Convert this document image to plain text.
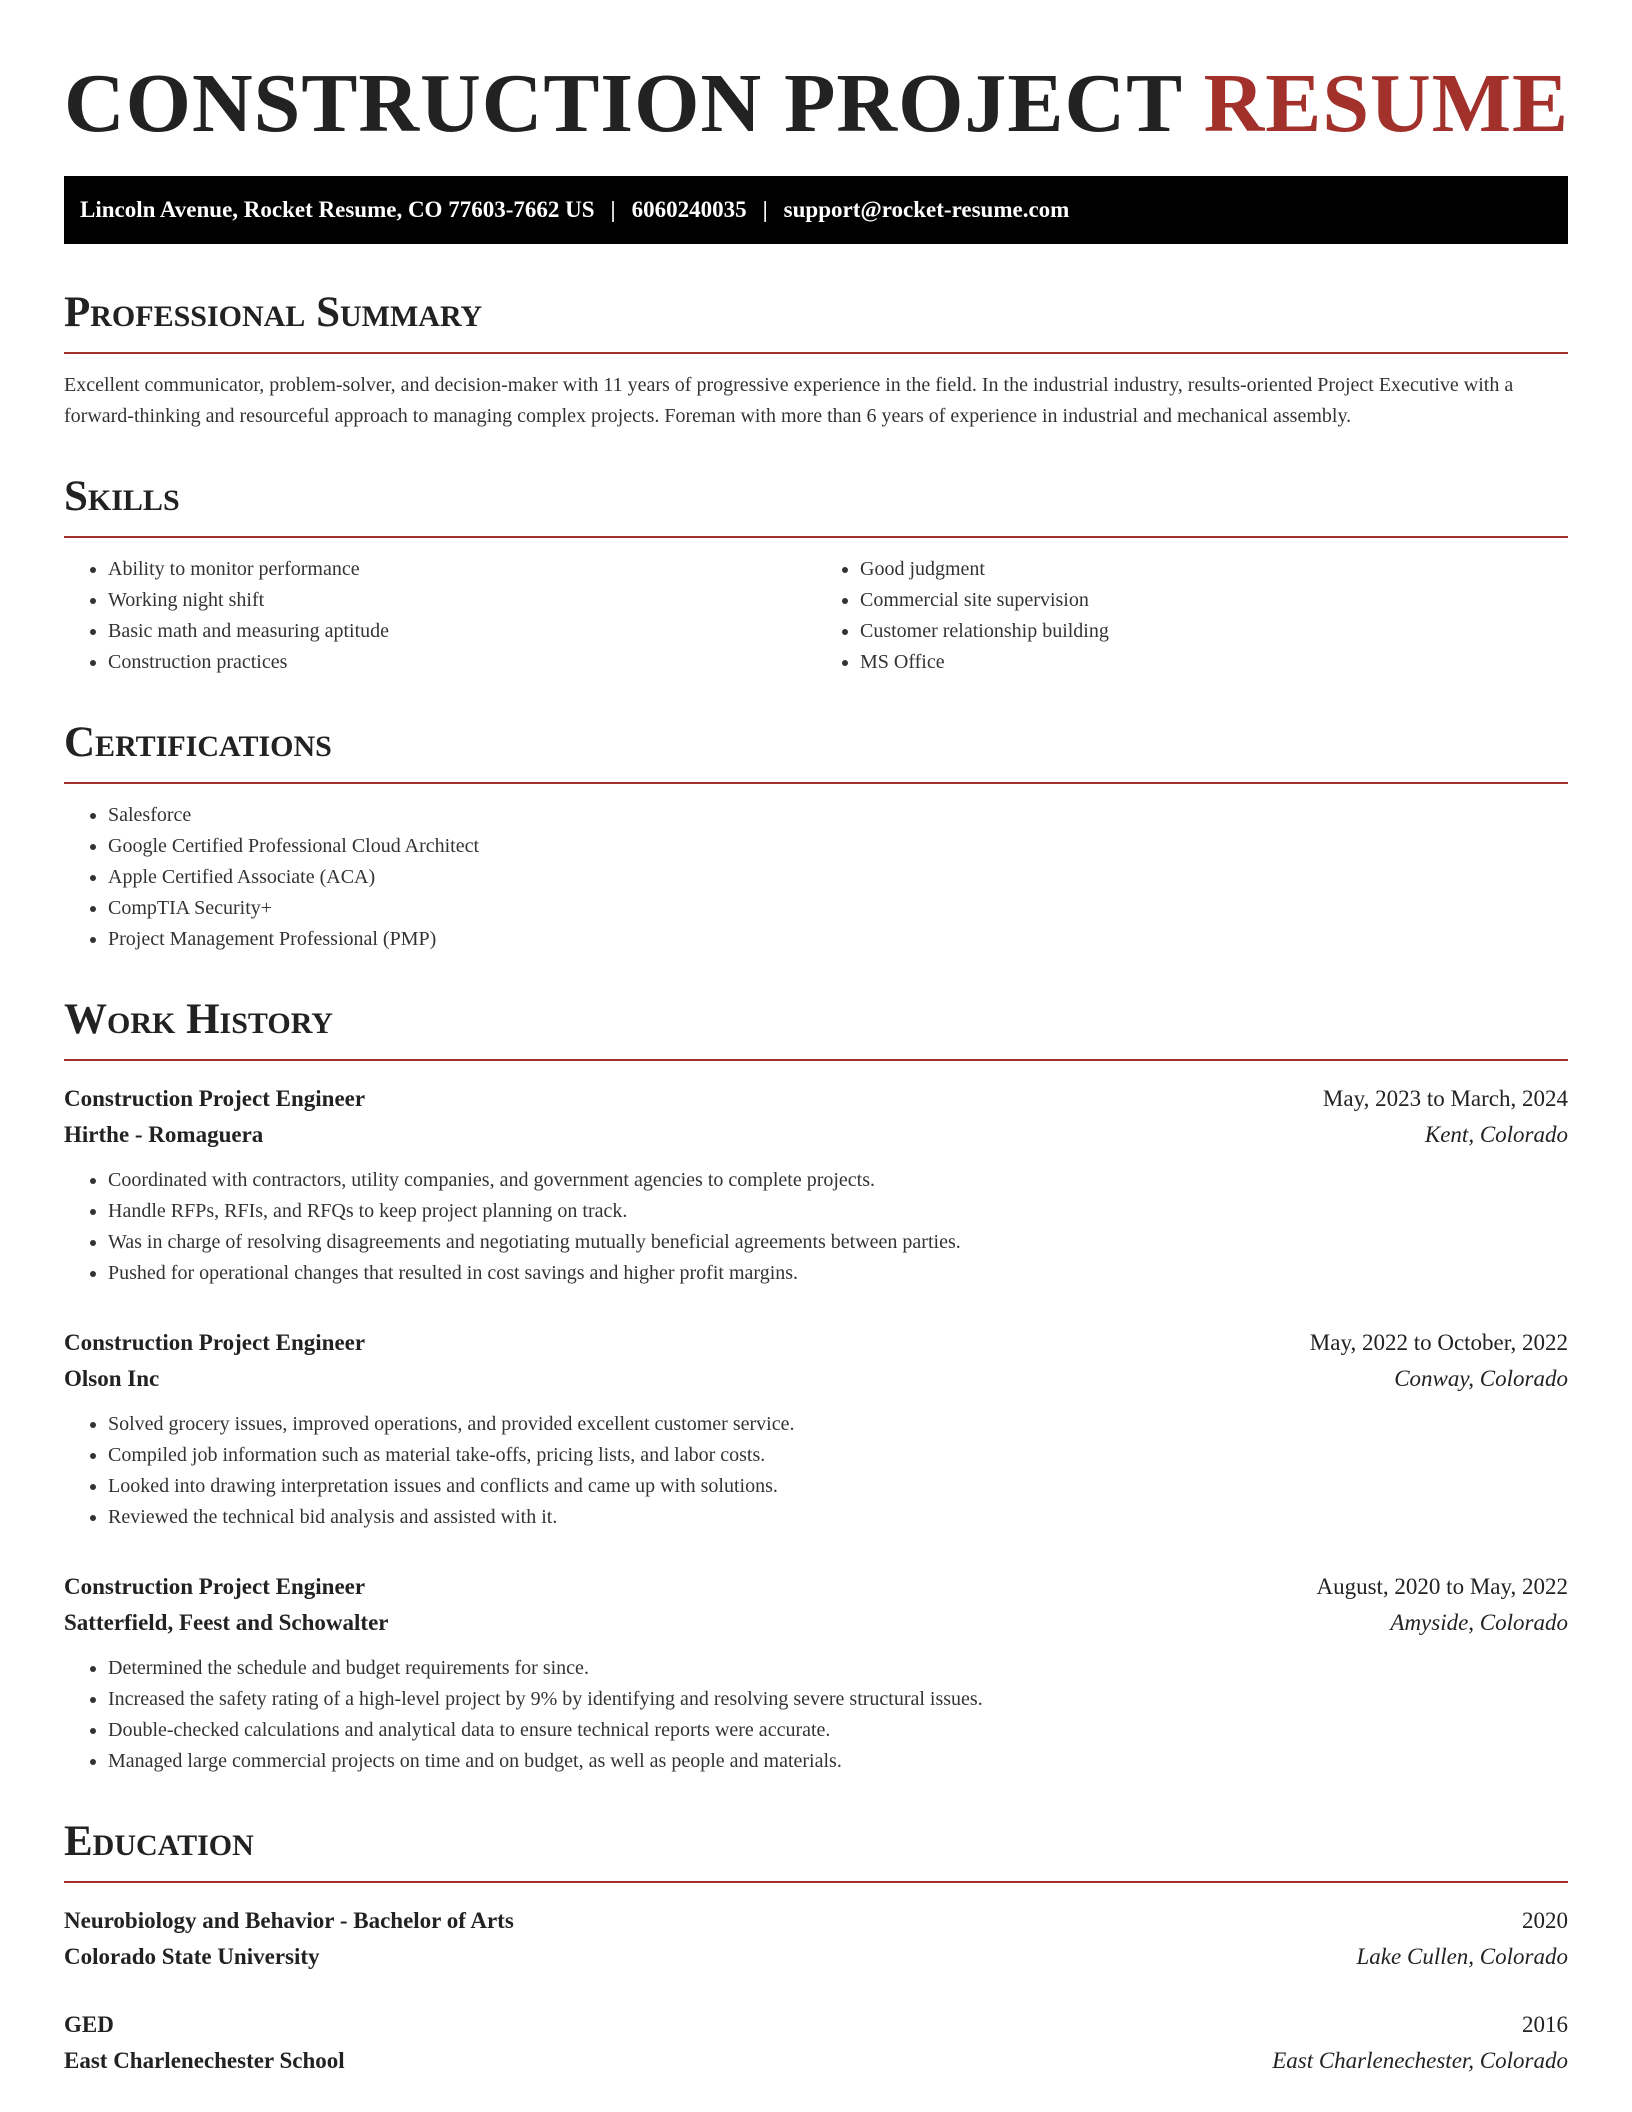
CONSTRUCTION PROJECT RESUME
Lincoln Avenue, Rocket Resume, CO 77603-7662 US | 6060240035 | support@rocket-resume.com
Professional Summary

Excellent communicator, problem-solver, and decision-maker with 11 years of progressive experience in the field. In the industrial industry, results-oriented Project Executive with a forward-thinking and resourceful approach to managing complex projects. Foreman with more than 6 years of experience in industrial and mechanical assembly.

Skills
• Ability to monitor performance
• Working night shift
• Basic math and measuring aptitude
• Construction practices
• Good judgment
• Commercial site supervision
• Customer relationship building
• MS Office
Certifications
• Salesforce
• Google Certified Professional Cloud Architect
• Apple Certified Associate (ACA)
• CompTIA Security+
• Project Management Professional (PMP)
Work History
Construction Project Engineer	May, 2023 to March, 2024
Hirthe - Romaguera	Kent, Colorado
• Coordinated with contractors, utility companies, and government agencies to complete projects.
• Handle RFPs, RFIs, and RFQs to keep project planning on track.
• Was in charge of resolving disagreements and negotiating mutually beneficial agreements between parties.
• Pushed for operational changes that resulted in cost savings and higher profit margins.
Construction Project Engineer	May, 2022 to October, 2022
Olson Inc	Conway, Colorado
• Solved grocery issues, improved operations, and provided excellent customer service.
• Compiled job information such as material take-offs, pricing lists, and labor costs.
• Looked into drawing interpretation issues and conflicts and came up with solutions.
• Reviewed the technical bid analysis and assisted with it.
Construction Project Engineer	August, 2020 to May, 2022
Satterfield, Feest and Schowalter	Amyside, Colorado
• Determined the schedule and budget requirements for since.
• Increased the safety rating of a high-level project by 9% by identifying and resolving severe structural issues.
• Double-checked calculations and analytical data to ensure technical reports were accurate.
• Managed large commercial projects on time and on budget, as well as people and materials.
Education
Neurobiology and Behavior - Bachelor of Arts	2020
Colorado State University	Lake Cullen, Colorado
GED	2016
East Charlenechester School	East Charlenechester, Colorado
